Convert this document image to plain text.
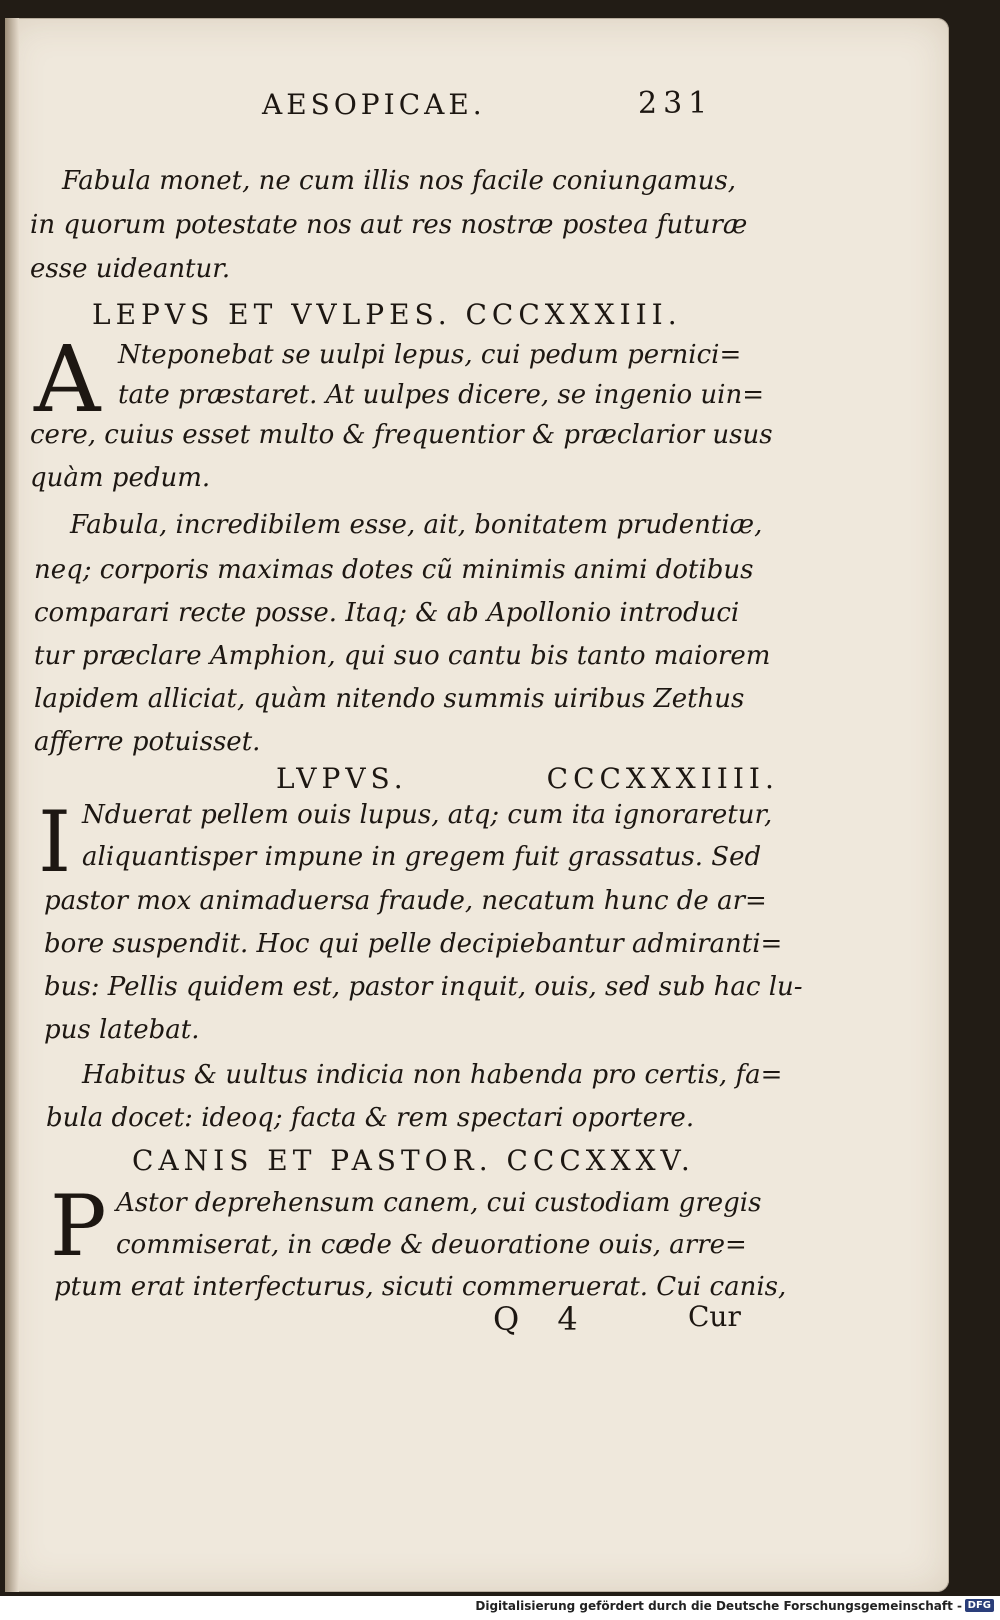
AESOPICAE.	231
Fabula monet, ne cum illis nos facile coniungamus,
in quorum potestate nos aut res nostræ postea futuræ
esse uideantur.
LEPVS ET VVLPES. CCCXXXIII.
A Nteponebat se uulpi lepus, cui pedum pernici=
tate præstaret. At uulpes dicere, se ingenio uin=
cere, cuius esset multo & frequentior & præclarior usus
quàm pedum.
Fabula, incredibilem esse, ait, bonitatem prudentiæ,
neq; corporis maximas dotes cũ minimis animi dotibus
comparari recte posse. Itaq; & ab Apollonio introduci
tur præclare Amphion, qui suo cantu bis tanto maiorem
lapidem alliciat, quàm nitendo summis uiribus Zethus
afferre potuisset.
LVPVS.          CCCXXXIIII.
I Nduerat pellem ouis lupus, atq; cum ita ignoraretur,
aliquantisper impune in gregem fuit grassatus. Sed
pastor mox animaduersa fraude, necatum hunc de ar=
bore suspendit. Hoc qui pelle decipiebantur admiranti=
bus: Pellis quidem est, pastor inquit, ouis, sed sub hac lu-
pus latebat.
Habitus & uultus indicia non habenda pro certis, fa=
bula docet: ideoq; facta & rem spectari oportere.
CANIS ET PASTOR. CCCXXXV.
P Astor deprehensum canem, cui custodiam gregis
commiserat, in cæde & deuoratione ouis, arre=
ptum erat interfecturus, sicuti commeruerat. Cui canis,
Q 4	Cur
Digitalisierung gefördert durch die Deutsche Forschungsgemeinschaft - DFG
